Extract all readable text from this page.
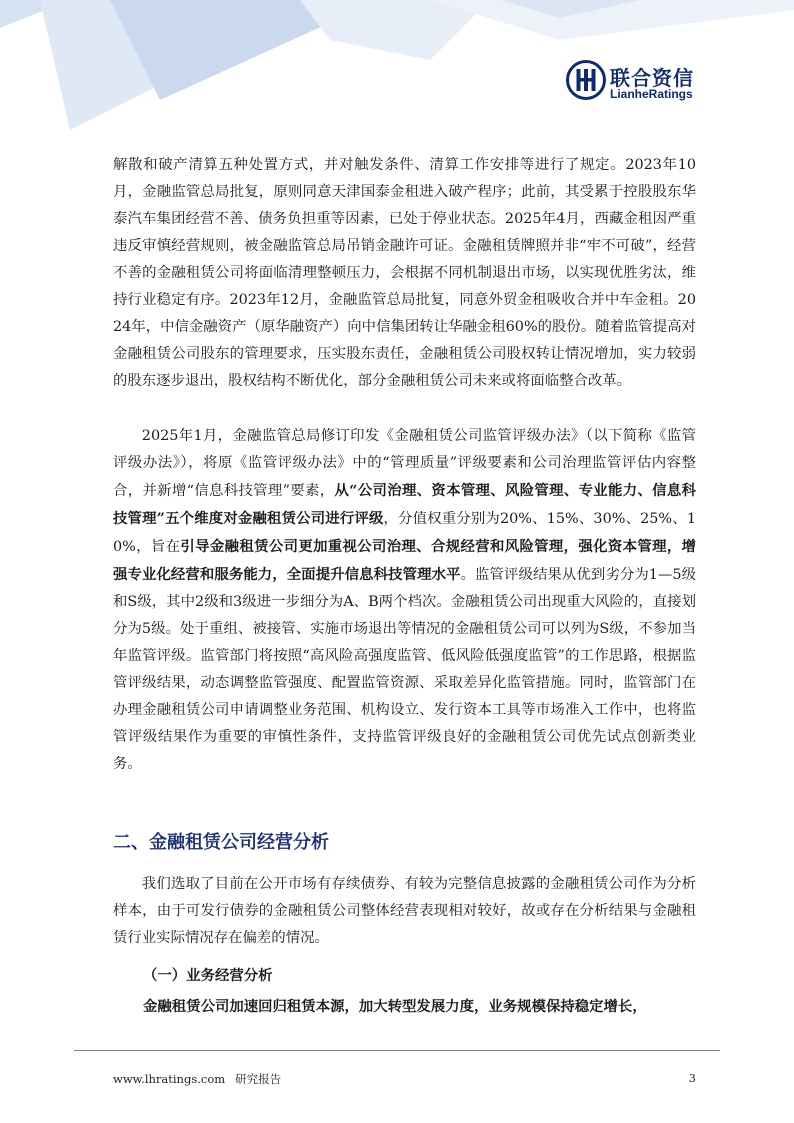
联合资信
LianheRatings

解散和破产清算五种处置方式，并对触发条件、清算工作安排等进行了规定。2023年10月，金融监管总局批复，原则同意天津国泰金租进入破产程序；此前，其受累于控股股东华泰汽车集团经营不善、债务负担重等因素，已处于停业状态。2025年4月，西藏金租因严重违反审慎经营规则，被金融监管总局吊销金融许可证。金融租赁牌照并非“牢不可破”，经营不善的金融租赁公司将面临清理整顿压力，会根据不同机制退出市场，以实现优胜劣汰，维持行业稳定有序。2023年12月，金融监管总局批复，同意外贸金租吸收合并中车金租。2024年，中信金融资产（原华融资产）向中信集团转让华融金租60%的股份。随着监管提高对金融租赁公司股东的管理要求，压实股东责任，金融租赁公司股权转让情况增加，实力较弱的股东逐步退出，股权结构不断优化，部分金融租赁公司未来或将面临整合改革。

2025年1月，金融监管总局修订印发《金融租赁公司监管评级办法》（以下简称《监管评级办法》），将原《监管评级办法》中的“管理质量”评级要素和公司治理监管评估内容整合，并新增“信息科技管理”要素，从“公司治理、资本管理、风险管理、专业能力、信息科技管理”五个维度对金融租赁公司进行评级，分值权重分别为20%、15%、30%、25%、10%，旨在引导金融租赁公司更加重视公司治理、合规经营和风险管理，强化资本管理，增强专业化经营和服务能力，全面提升信息科技管理水平。监管评级结果从优到劣分为1—5级和S级，其中2级和3级进一步细分为A、B两个档次。金融租赁公司出现重大风险的，直接划分为5级。处于重组、被接管、实施市场退出等情况的金融租赁公司可以列为S级，不参加当年监管评级。监管部门将按照“高风险高强度监管、低风险低强度监管”的工作思路，根据监管评级结果，动态调整监管强度、配置监管资源、采取差异化监管措施。同时，监管部门在办理金融租赁公司申请调整业务范围、机构设立、发行资本工具等市场准入工作中，也将监管评级结果作为重要的审慎性条件，支持监管评级良好的金融租赁公司优先试点创新类业务。

二、金融租赁公司经营分析

我们选取了目前在公开市场有存续债券、有较为完整信息披露的金融租赁公司作为分析样本，由于可发行债券的金融租赁公司整体经营表现相对较好，故或存在分析结果与金融租赁行业实际情况存在偏差的情况。

（一）业务经营分析

金融租赁公司加速回归租赁本源，加大转型发展力度，业务规模保持稳定增长，

www.lhratings.com 研究报告	3
